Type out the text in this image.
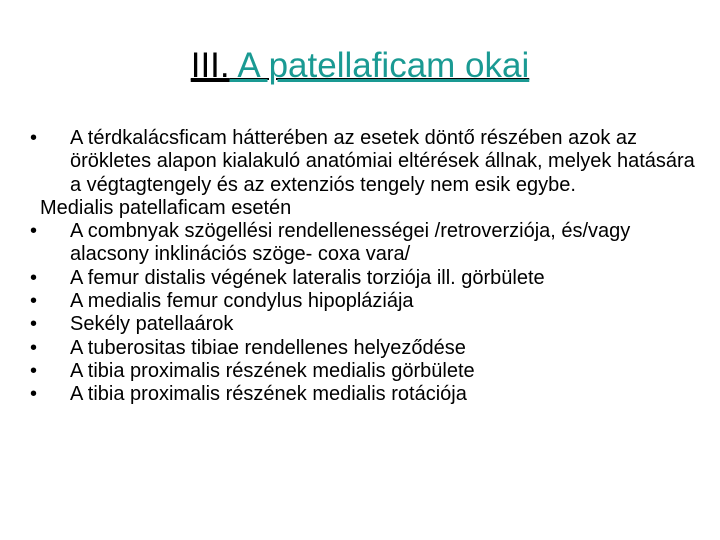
III. A patellaficam okai
• A térdkalácsficam hátterében az esetek döntő részében azok az örökletes alapon kialakuló anatómiai eltérések állnak, melyek hatására a végtagtengely és az extenziós tengely nem esik egybe.
Medialis patellaficam esetén
• A combnyak szögellési rendellenességei /retroverziója, és/vagy alacsony inklinációs szöge- coxa vara/
• A femur distalis végének lateralis torziója ill. görbülete
• A medialis femur condylus hipopláziája
• Sekély patellaárok
• A tuberositas tibiae rendellenes helyeződése
• A tibia proximalis részének medialis görbülete
• A tibia proximalis részének medialis rotációja
